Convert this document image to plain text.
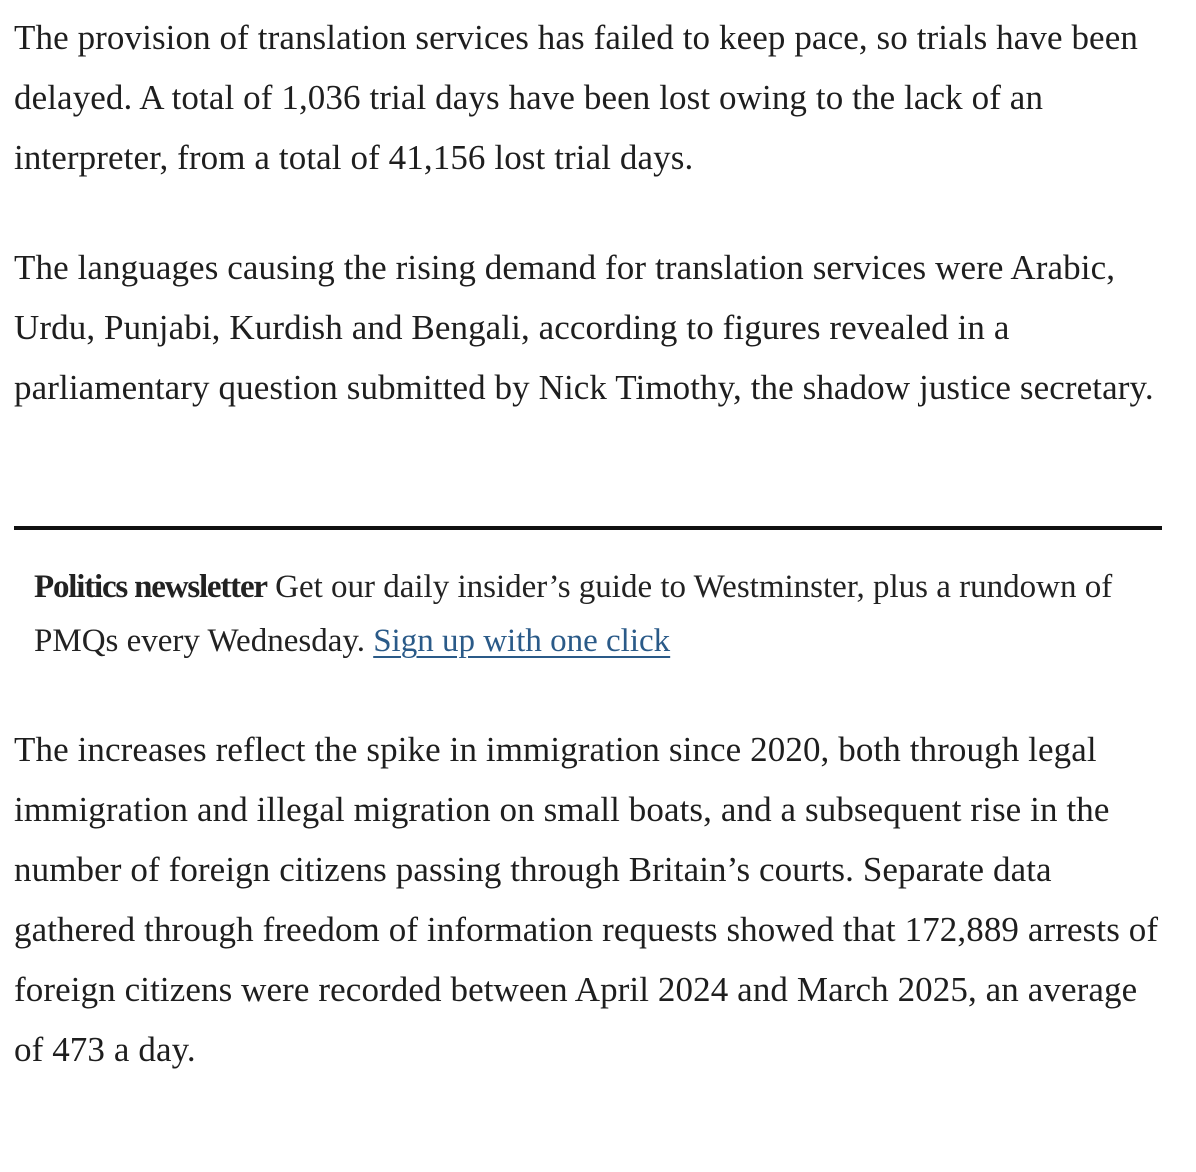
The provision of translation services has failed to keep pace, so trials have been delayed. A total of 1,036 trial days have been lost owing to the lack of an interpreter, from a total of 41,156 lost trial days.

The languages causing the rising demand for translation services were Arabic, Urdu, Punjabi, Kurdish and Bengali, according to figures revealed in a parliamentary question submitted by Nick Timothy, the shadow justice secretary.

Politics newsletter Get our daily insider’s guide to Westminster, plus a rundown of PMQs every Wednesday. Sign up with one click

The increases reflect the spike in immigration since 2020, both through legal immigration and illegal migration on small boats, and a subsequent rise in the number of foreign citizens passing through Britain’s courts. Separate data gathered through freedom of information requests showed that 172,889 arrests of foreign citizens were recorded between April 2024 and March 2025, an average of 473 a day.
